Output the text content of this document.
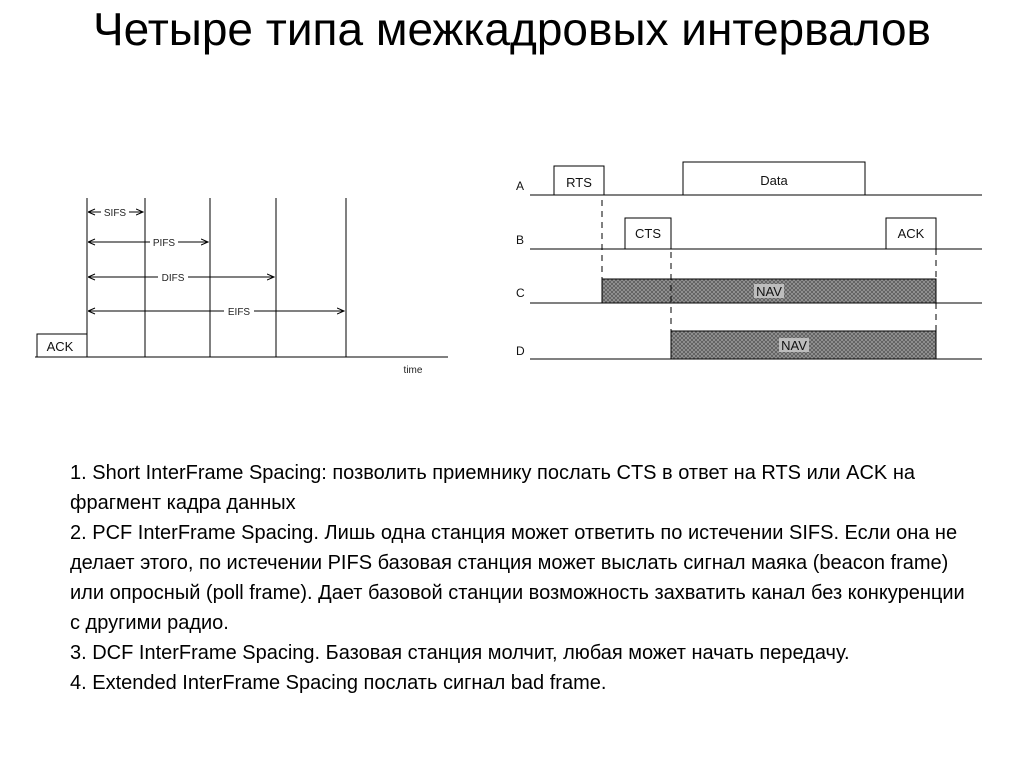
Четыре типа межкадровых интервалов
SIFS
PIFS
DIFS
EIFS
ACK
time
A	RTS	Data
B	CTS	ACK
C	NAV
D	NAV
1. Short InterFrame Spacing: позволить приемнику послать CTS в ответ на RTS или ACK на фрагмент кадра данных
2. PCF InterFrame Spacing. Лишь одна станция может ответить по истечении SIFS. Если она не делает этого, по истечении PIFS базовая станция может выслать сигнал маяка (beacon frame) или опросный (poll frame). Дает базовой станции возможность захватить канал без конкуренции с другими радио.
3. DCF InterFrame Spacing. Базовая станция молчит, любая может начать передачу.
4. Extended InterFrame Spacing послать сигнал bad frame.
